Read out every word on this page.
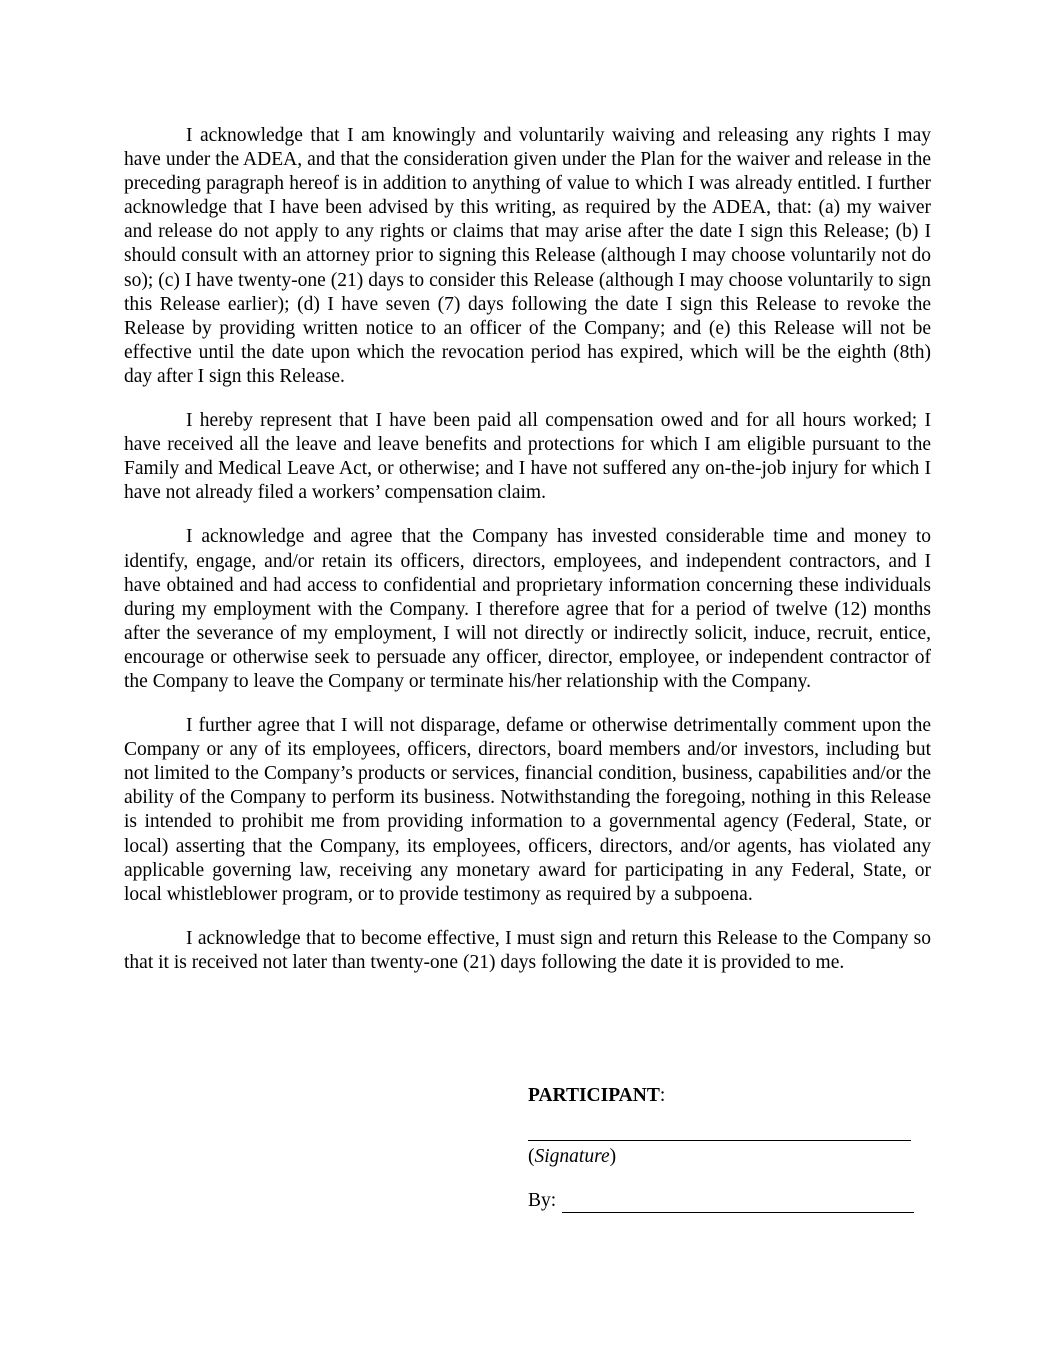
I acknowledge that I am knowingly and voluntarily waiving and releasing any rights I may have under the ADEA, and that the consideration given under the Plan for the waiver and release in the preceding paragraph hereof is in addition to anything of value to which I was already entitled. I further acknowledge that I have been advised by this writing, as required by the ADEA, that: (a) my waiver and release do not apply to any rights or claims that may arise after the date I sign this Release; (b) I should consult with an attorney prior to signing this Release (although I may choose voluntarily not do so); (c) I have twenty-one (21) days to consider this Release (although I may choose voluntarily to sign this Release earlier); (d) I have seven (7) days following the date I sign this Release to revoke the Release by providing written notice to an officer of the Company; and (e) this Release will not be effective until the date upon which the revocation period has expired, which will be the eighth (8th) day after I sign this Release.

I hereby represent that I have been paid all compensation owed and for all hours worked; I have received all the leave and leave benefits and protections for which I am eligible pursuant to the Family and Medical Leave Act, or otherwise; and I have not suffered any on-the-job injury for which I have not already filed a workers’ compensation claim.

I acknowledge and agree that the Company has invested considerable time and money to identify, engage, and/or retain its officers, directors, employees, and independent contractors, and I have obtained and had access to confidential and proprietary information concerning these individuals during my employment with the Company. I therefore agree that for a period of twelve (12) months after the severance of my employment, I will not directly or indirectly solicit, induce, recruit, entice, encourage or otherwise seek to persuade any officer, director, employee, or independent contractor of the Company to leave the Company or terminate his/her relationship with the Company.

I further agree that I will not disparage, defame or otherwise detrimentally comment upon the Company or any of its employees, officers, directors, board members and/or investors, including but not limited to the Company’s products or services, financial condition, business, capabilities and/or the ability of the Company to perform its business. Notwithstanding the foregoing, nothing in this Release is intended to prohibit me from providing information to a governmental agency (Federal, State, or local) asserting that the Company, its employees, officers, directors, and/or agents, has violated any applicable governing law, receiving any monetary award for participating in any Federal, State, or local whistleblower program, or to provide testimony as required by a subpoena.

I acknowledge that to become effective, I must sign and return this Release to the Company so that it is received not later than twenty-one (21) days following the date it is provided to me.

PARTICIPANT:
(Signature)
By:
